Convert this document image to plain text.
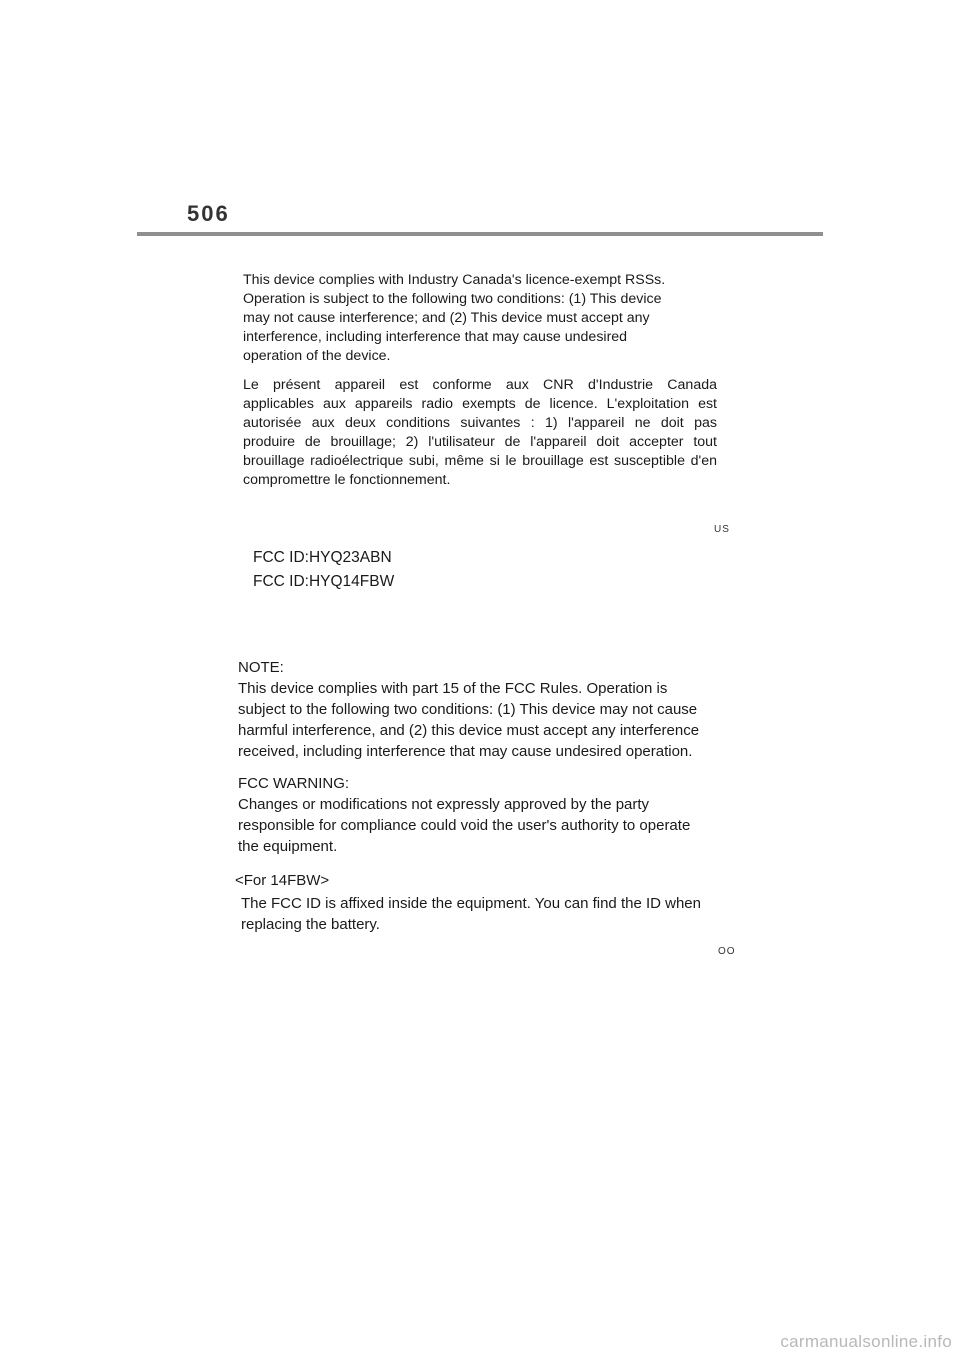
506
This device complies with Industry Canada's licence-exempt RSSs.
Operation is subject to the following two conditions: (1) This device
may not cause interference; and (2) This device must accept any
interference, including interference that may cause undesired
operation of the device.
Le présent appareil est conforme aux CNR d'Industrie Canada
applicables aux appareils radio exempts de licence. L'exploitation est
autorisée aux deux conditions suivantes : 1) l'appareil ne doit pas
produire de brouillage; 2) l'utilisateur de l'appareil doit accepter tout
brouillage radioélectrique subi, même si le brouillage est susceptible d'en
compromettre le fonctionnement.
US
FCC ID:HYQ23ABN
FCC ID:HYQ14FBW
NOTE:
This device complies with part 15 of the FCC Rules. Operation is
subject to the following two conditions: (1) This device may not cause
harmful interference, and (2) this device must accept any interference
received, including interference that may cause undesired operation.
FCC WARNING:
Changes or modifications not expressly approved by the party
responsible for compliance could void the user's authority to operate
the equipment.
<For 14FBW>
The FCC ID is affixed inside the equipment. You can find the ID when
replacing the battery.
OO
carmanualsonline.info
